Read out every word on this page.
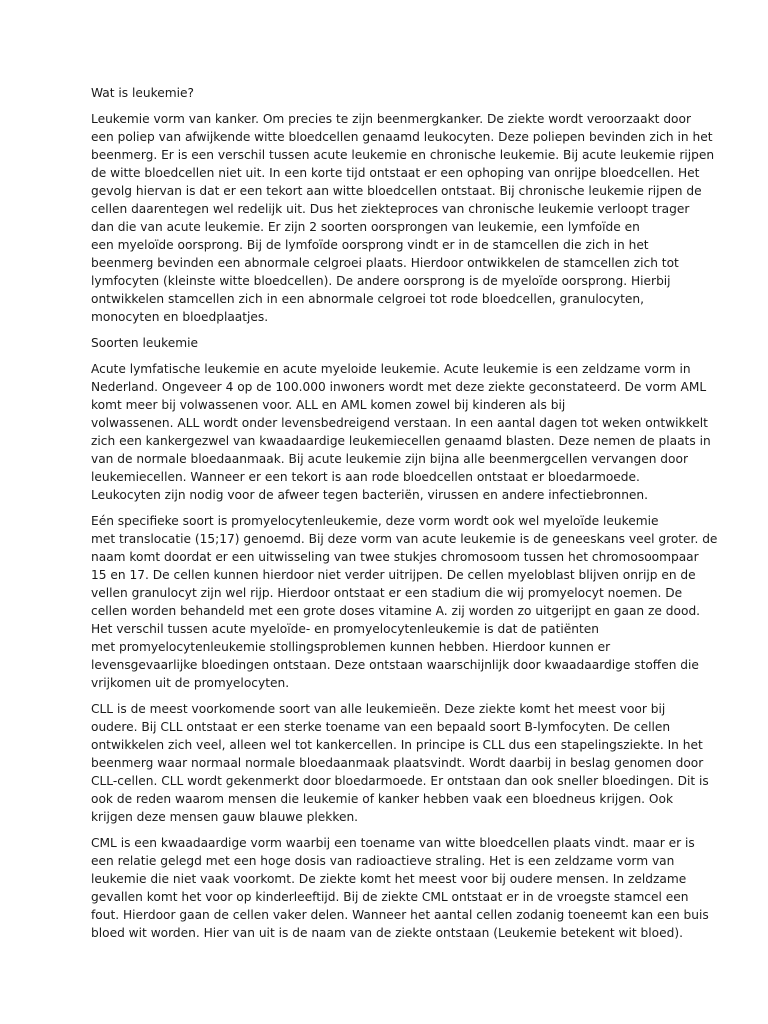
Wat is leukemie?
Leukemie vorm van kanker. Om precies te zijn beenmergkanker. De ziekte wordt veroorzaakt door
een poliep van afwijkende witte bloedcellen genaamd leukocyten. Deze poliepen bevinden zich in het
beenmerg. Er is een verschil tussen acute leukemie en chronische leukemie. Bij acute leukemie rijpen
de witte bloedcellen niet uit. In een korte tijd ontstaat er een ophoping van onrijpe bloedcellen. Het
gevolg hiervan is dat er een tekort aan witte bloedcellen ontstaat. Bij chronische leukemie rijpen de
cellen daarentegen wel redelijk uit. Dus het ziekteproces van chronische leukemie verloopt trager
dan die van acute leukemie. Er zijn 2 soorten oorsprongen van leukemie, een lymfoïde en
een myeloïde oorsprong. Bij de lymfoïde oorsprong vindt er in de stamcellen die zich in het
beenmerg bevinden een abnormale celgroei plaats. Hierdoor ontwikkelen de stamcellen zich tot
lymfocyten (kleinste witte bloedcellen). De andere oorsprong is de myeloïde oorsprong. Hierbij
ontwikkelen stamcellen zich in een abnormale celgroei tot rode bloedcellen, granulocyten,
monocyten en bloedplaatjes.
Soorten leukemie
Acute lymfatische leukemie en acute myeloide leukemie. Acute leukemie is een zeldzame vorm in
Nederland. Ongeveer 4 op de 100.000 inwoners wordt met deze ziekte geconstateerd. De vorm AML
komt meer bij volwassenen voor. ALL en AML komen zowel bij kinderen als bij
volwassenen. ALL wordt onder levensbedreigend verstaan. In een aantal dagen tot weken ontwikkelt
zich een kankergezwel van kwaadaardige leukemiecellen genaamd blasten. Deze nemen de plaats in
van de normale bloedaanmaak. Bij acute leukemie zijn bijna alle beenmergcellen vervangen door
leukemiecellen. Wanneer er een tekort is aan rode bloedcellen ontstaat er bloedarmoede.
Leukocyten zijn nodig voor de afweer tegen bacteriën, virussen en andere infectiebronnen.
Eén specifieke soort is promyelocytenleukemie, deze vorm wordt ook wel myeloïde leukemie
met translocatie (15;17) genoemd. Bij deze vorm van acute leukemie is de geneeskans veel groter. de
naam komt doordat er een uitwisseling van twee stukjes chromosoom tussen het chromosoompaar
15 en 17. De cellen kunnen hierdoor niet verder uitrijpen. De cellen myeloblast blijven onrijp en de
vellen granulocyt zijn wel rijp. Hierdoor ontstaat er een stadium die wij promyelocyt noemen. De
cellen worden behandeld met een grote doses vitamine A. zij worden zo uitgerijpt en gaan ze dood.
Het verschil tussen acute myeloïde- en promyelocytenleukemie is dat de patiënten
met promyelocytenleukemie stollingsproblemen kunnen hebben. Hierdoor kunnen er
levensgevaarlijke bloedingen ontstaan. Deze ontstaan waarschijnlijk door kwaadaardige stoffen die
vrijkomen uit de promyelocyten.
CLL is de meest voorkomende soort van alle leukemieën. Deze ziekte komt het meest voor bij
oudere. Bij CLL ontstaat er een sterke toename van een bepaald soort B-lymfocyten. De cellen
ontwikkelen zich veel, alleen wel tot kankercellen. In principe is CLL dus een stapelingsziekte. In het
beenmerg waar normaal normale bloedaanmaak plaatsvindt. Wordt daarbij in beslag genomen door
CLL-cellen. CLL wordt gekenmerkt door bloedarmoede. Er ontstaan dan ook sneller bloedingen. Dit is
ook de reden waarom mensen die leukemie of kanker hebben vaak een bloedneus krijgen. Ook
krijgen deze mensen gauw blauwe plekken.
CML is een kwaadaardige vorm waarbij een toename van witte bloedcellen plaats vindt. maar er is
een relatie gelegd met een hoge dosis van radioactieve straling. Het is een zeldzame vorm van
leukemie die niet vaak voorkomt. De ziekte komt het meest voor bij oudere mensen. In zeldzame
gevallen komt het voor op kinderleeftijd. Bij de ziekte CML ontstaat er in de vroegste stamcel een
fout. Hierdoor gaan de cellen vaker delen. Wanneer het aantal cellen zodanig toeneemt kan een buis
bloed wit worden. Hier van uit is de naam van de ziekte ontstaan (Leukemie betekent wit bloed).
